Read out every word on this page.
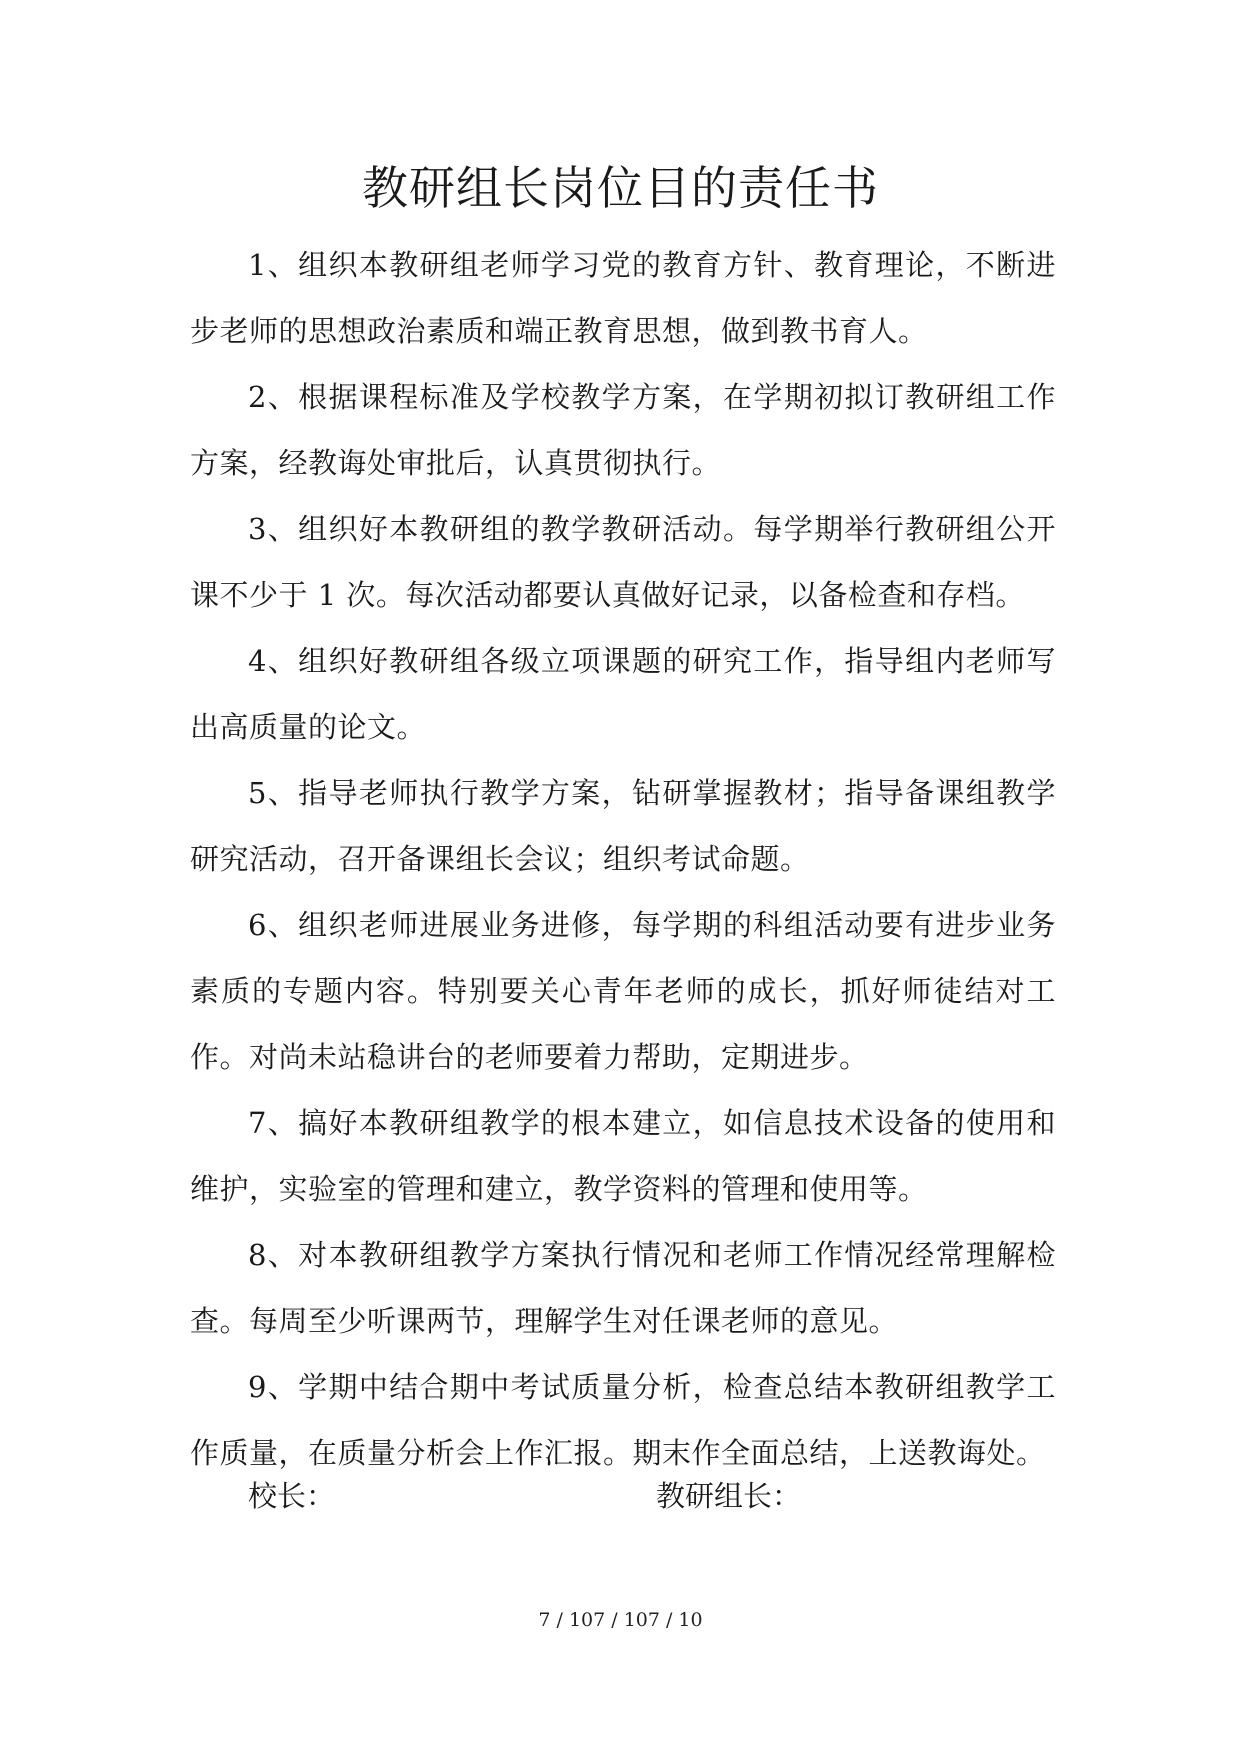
教研组长岗位目的责任书

1、组织本教研组老师学习党的教育方针、教育理论，不断进步老师的思想政治素质和端正教育思想，做到教书育人。

2、根据课程标准及学校教学方案，在学期初拟订教研组工作方案，经教诲处审批后，认真贯彻执行。

3、组织好本教研组的教学教研活动。每学期举行教研组公开课不少于 1 次。每次活动都要认真做好记录，以备检查和存档。

4、组织好教研组各级立项课题的研究工作，指导组内老师写出高质量的论文。

5、指导老师执行教学方案，钻研掌握教材；指导备课组教学研究活动，召开备课组长会议；组织考试命题。

6、组织老师进展业务进修，每学期的科组活动要有进步业务素质的专题内容。特别要关心青年老师的成长，抓好师徒结对工作。对尚未站稳讲台的老师要着力帮助，定期进步。

7、搞好本教研组教学的根本建立，如信息技术设备的使用和维护，实验室的管理和建立，教学资料的管理和使用等。

8、对本教研组教学方案执行情况和老师工作情况经常理解检查。每周至少听课两节，理解学生对任课老师的意见。

9、学期中结合期中考试质量分析，检查总结本教研组教学工作质量，在质量分析会上作汇报。期末作全面总结，上送教诲处。

校长：	教研组长：
7 / 107 / 107 / 10
